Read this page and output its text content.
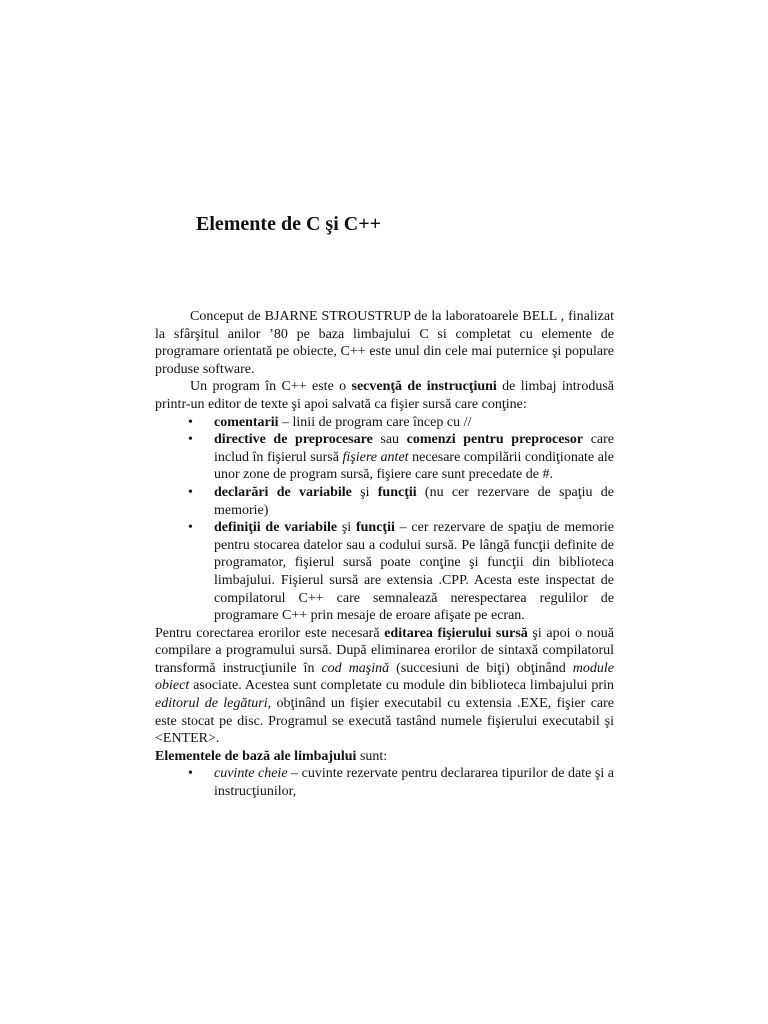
Elemente de C şi C++

Conceput de BJARNE STROUSTRUP de la laboratoarele BELL , finalizat la sfârşitul anilor ’80 pe baza limbajului C si completat cu elemente de programare orientată pe obiecte, C++ este unul din cele mai puternice şi populare produse software.

Un program în C++ este o secvenţă de instrucţiuni de limbaj introdusă printr-un editor de texte şi apoi salvată ca fişier sursă care conţine:

• comentarii – linii de program care încep cu //
• directive de preprocesare sau comenzi pentru preprocesor care includ în fişierul sursă fişiere antet necesare compilării condiţionate ale unor zone de program sursă, fişiere care sunt precedate de #.
• declarări de variabile şi funcţii (nu cer rezervare de spaţiu de memorie)
• definiţii de variabile şi funcţii – cer rezervare de spaţiu de memorie pentru stocarea datelor sau a codului sursă. Pe lângă funcţii definite de programator, fişierul sursă poate conţine şi funcţii din biblioteca limbajului. Fişierul sursă are extensia .CPP. Acesta este inspectat de compilatorul C++ care semnalează nerespectarea regulilor de programare C++ prin mesaje de eroare afişate pe ecran.

Pentru corectarea erorilor este necesară editarea fişierului sursă şi apoi o nouă compilare a programului sursă. După eliminarea erorilor de sintaxă compilatorul transformă instrucţiunile în cod maşină (succesiuni de biţi) obţinând module obiect asociate. Acestea sunt completate cu module din biblioteca limbajului prin editorul de legături, obţinând un fişier executabil cu extensia .EXE, fişier care este stocat pe disc. Programul se execută tastând numele fişierului executabil şi <ENTER>.

Elementele de bază ale limbajului sunt:

• cuvinte cheie – cuvinte rezervate pentru declararea tipurilor de date şi a instrucţiunilor,
